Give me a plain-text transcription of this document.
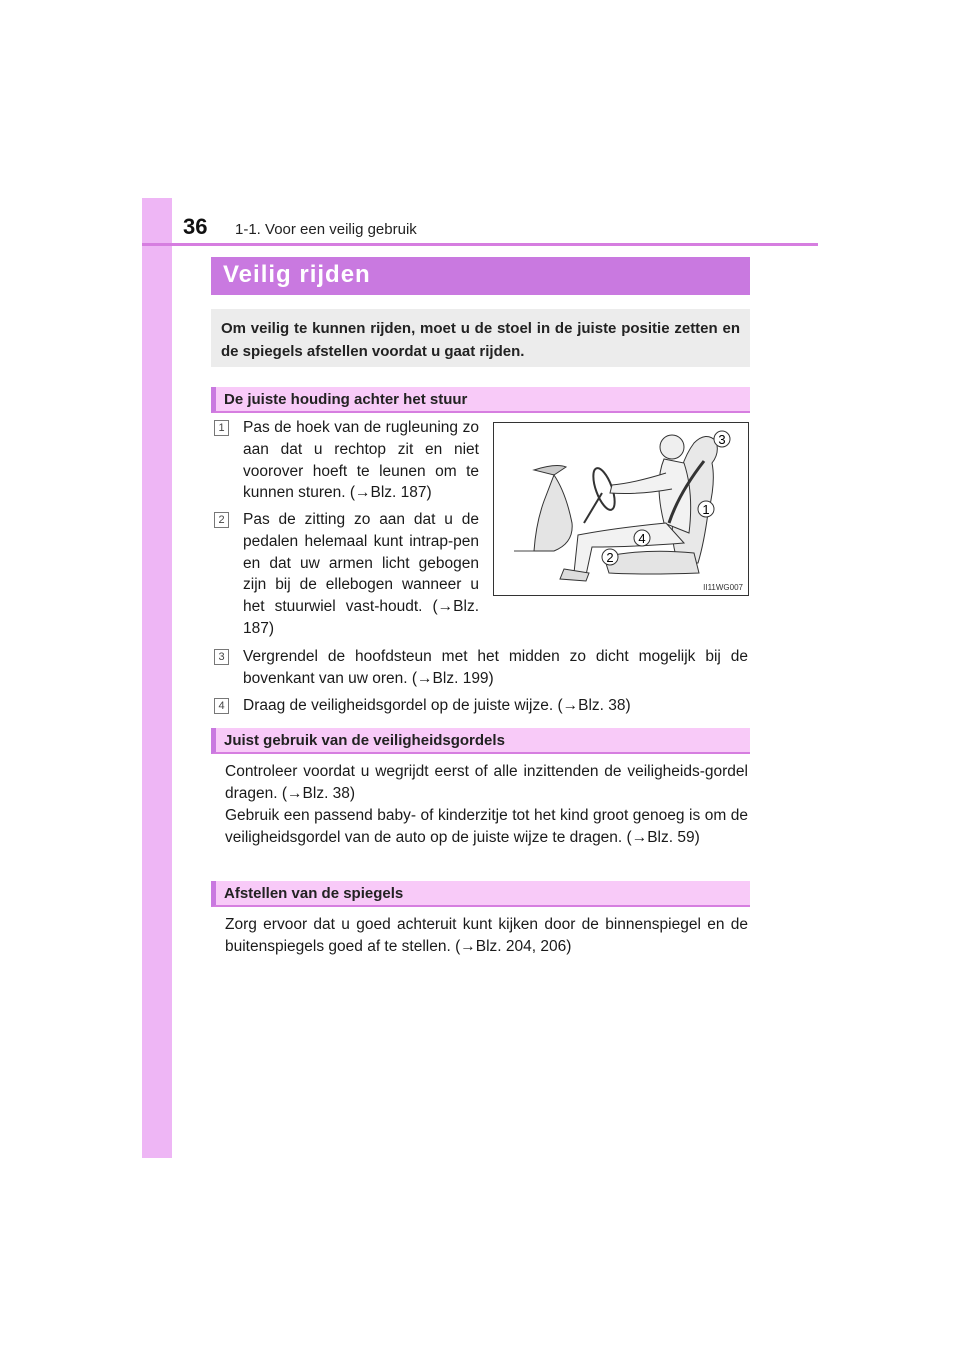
36 1-1. Voor een veilig gebruik
Veilig rijden

Om veilig te kunnen rijden, moet u de stoel in de juiste positie zetten en de spiegels afstellen voordat u gaat rijden.

De juiste houding achter het stuur
1 Pas de hoek van de rugleuning zo aan dat u rechtop zit en niet voorover hoeft te leunen om te kunnen sturen. (→Blz. 187)

2 Pas de zitting zo aan dat u de pedalen helemaal kunt intrap-pen en dat uw armen licht gebogen zijn bij de ellebogen wanneer u het stuurwiel vast-houdt. (→Blz. 187)

3
1
4
2
II11WG007
3 Vergrendel de hoofdsteun met het midden zo dicht mogelijk bij de bovenkant van uw oren. (→Blz. 199)

4 Draag de veiligheidsgordel op de juiste wijze. (→Blz. 38)

Juist gebruik van de veiligheidsgordels

Controleer voordat u wegrijdt eerst of alle inzittenden de veiligheids-gordel dragen. (→Blz. 38)

Gebruik een passend baby- of kinderzitje tot het kind groot genoeg is om de veiligheidsgordel van de auto op de juiste wijze te dragen. (→Blz. 59)

Afstellen van de spiegels

Zorg ervoor dat u goed achteruit kunt kijken door de binnenspiegel en de buitenspiegels goed af te stellen. (→Blz. 204, 206)
